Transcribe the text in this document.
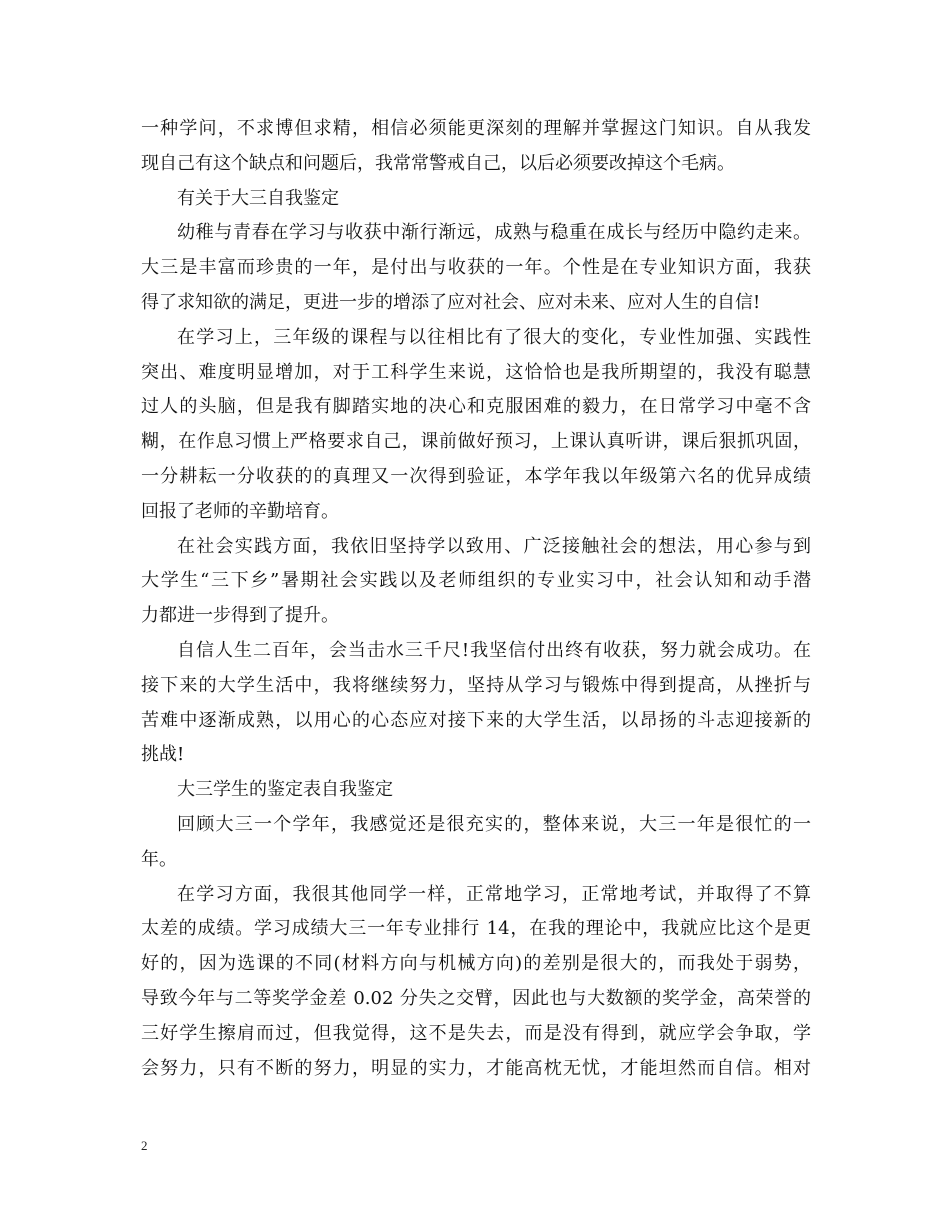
一种学问，不求博但求精，相信必须能更深刻的理解并掌握这门知识。自从我发
现自己有这个缺点和问题后，我常常警戒自己，以后必须要改掉这个毛病。
有关于大三自我鉴定
幼稚与青春在学习与收获中渐行渐远，成熟与稳重在成长与经历中隐约走来。
大三是丰富而珍贵的一年，是付出与收获的一年。个性是在专业知识方面，我获
得了求知欲的满足，更进一步的增添了应对社会、应对未来、应对人生的自信!
在学习上，三年级的课程与以往相比有了很大的变化，专业性加强、实践性
突出、难度明显增加，对于工科学生来说，这恰恰也是我所期望的，我没有聪慧
过人的头脑，但是我有脚踏实地的决心和克服困难的毅力，在日常学习中毫不含
糊，在作息习惯上严格要求自己，课前做好预习，上课认真听讲，课后狠抓巩固，
一分耕耘一分收获的的真理又一次得到验证，本学年我以年级第六名的优异成绩
回报了老师的辛勤培育。
在社会实践方面，我依旧坚持学以致用、广泛接触社会的想法，用心参与到
大学生“三下乡”暑期社会实践以及老师组织的专业实习中，社会认知和动手潜
力都进一步得到了提升。
自信人生二百年，会当击水三千尺!我坚信付出终有收获，努力就会成功。在
接下来的大学生活中，我将继续努力，坚持从学习与锻炼中得到提高，从挫折与
苦难中逐渐成熟，以用心的心态应对接下来的大学生活，以昂扬的斗志迎接新的
挑战!
大三学生的鉴定表自我鉴定
回顾大三一个学年，我感觉还是很充实的，整体来说，大三一年是很忙的一
年。
在学习方面，我很其他同学一样，正常地学习，正常地考试，并取得了不算
太差的成绩。学习成绩大三一年专业排行 14，在我的理论中，我就应比这个是更
好的，因为选课的不同(材料方向与机械方向)的差别是很大的，而我处于弱势，
导致今年与二等奖学金差 0.02 分失之交臂，因此也与大数额的奖学金，高荣誉的
三好学生擦肩而过，但我觉得，这不是失去，而是没有得到，就应学会争取，学
会努力，只有不断的努力，明显的实力，才能高枕无忧，才能坦然而自信。相对
2
